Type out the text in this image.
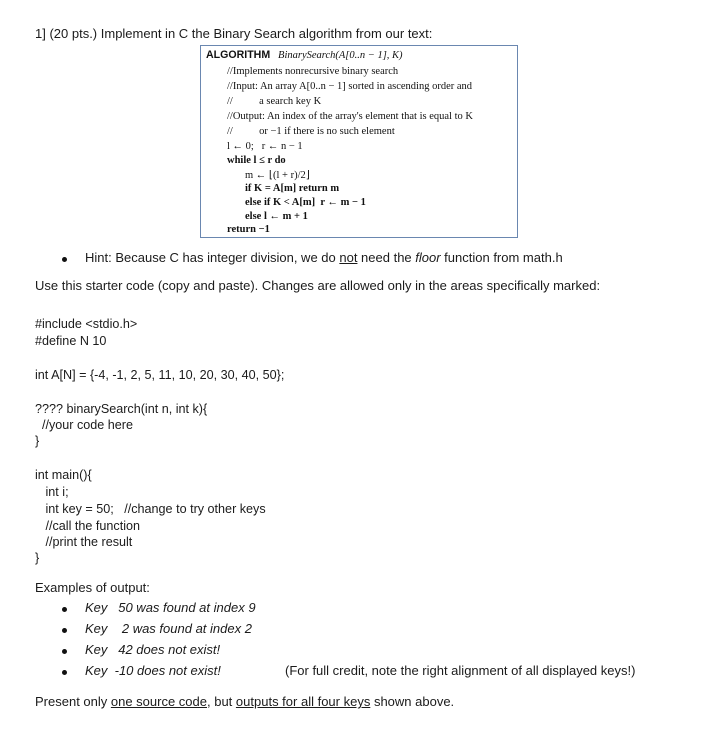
1] (20 pts.) Implement in C the Binary Search algorithm from our text:
ALGORITHM BinarySearch(A[0..n − 1], K)
//Implements nonrecursive binary search
//Input: An array A[0..n − 1] sorted in ascending order and
//          a search key K
//Output: An index of the array's element that is equal to K
//          or −1 if there is no such element
l ← 0;   r ← n − 1
while l ≤ r do
m ← ⌊(l + r)/2⌋
if K = A[m] return m
else if K < A[m]  r ← m − 1
else l ← m + 1
return −1
Hint: Because C has integer division, we do not need the floor function from math.h
Use this starter code (copy and paste). Changes are allowed only in the areas specifically marked:
#include <stdio.h>
#define N 10
int A[N] = {-4, -1, 2, 5, 11, 10, 20, 30, 40, 50};
???? binarySearch(int n, int k){
//your code here
}
int main(){
int i;
int key = 50;   //change to try other keys
//call the function
//print the result
}
Examples of output:
Key   50 was found at index 9
Key    2 was found at index 2
Key   42 does not exist!
Key  -10 does not exist!	(For full credit, note the right alignment of all displayed keys!)
Present only one source code, but outputs for all four keys shown above.
